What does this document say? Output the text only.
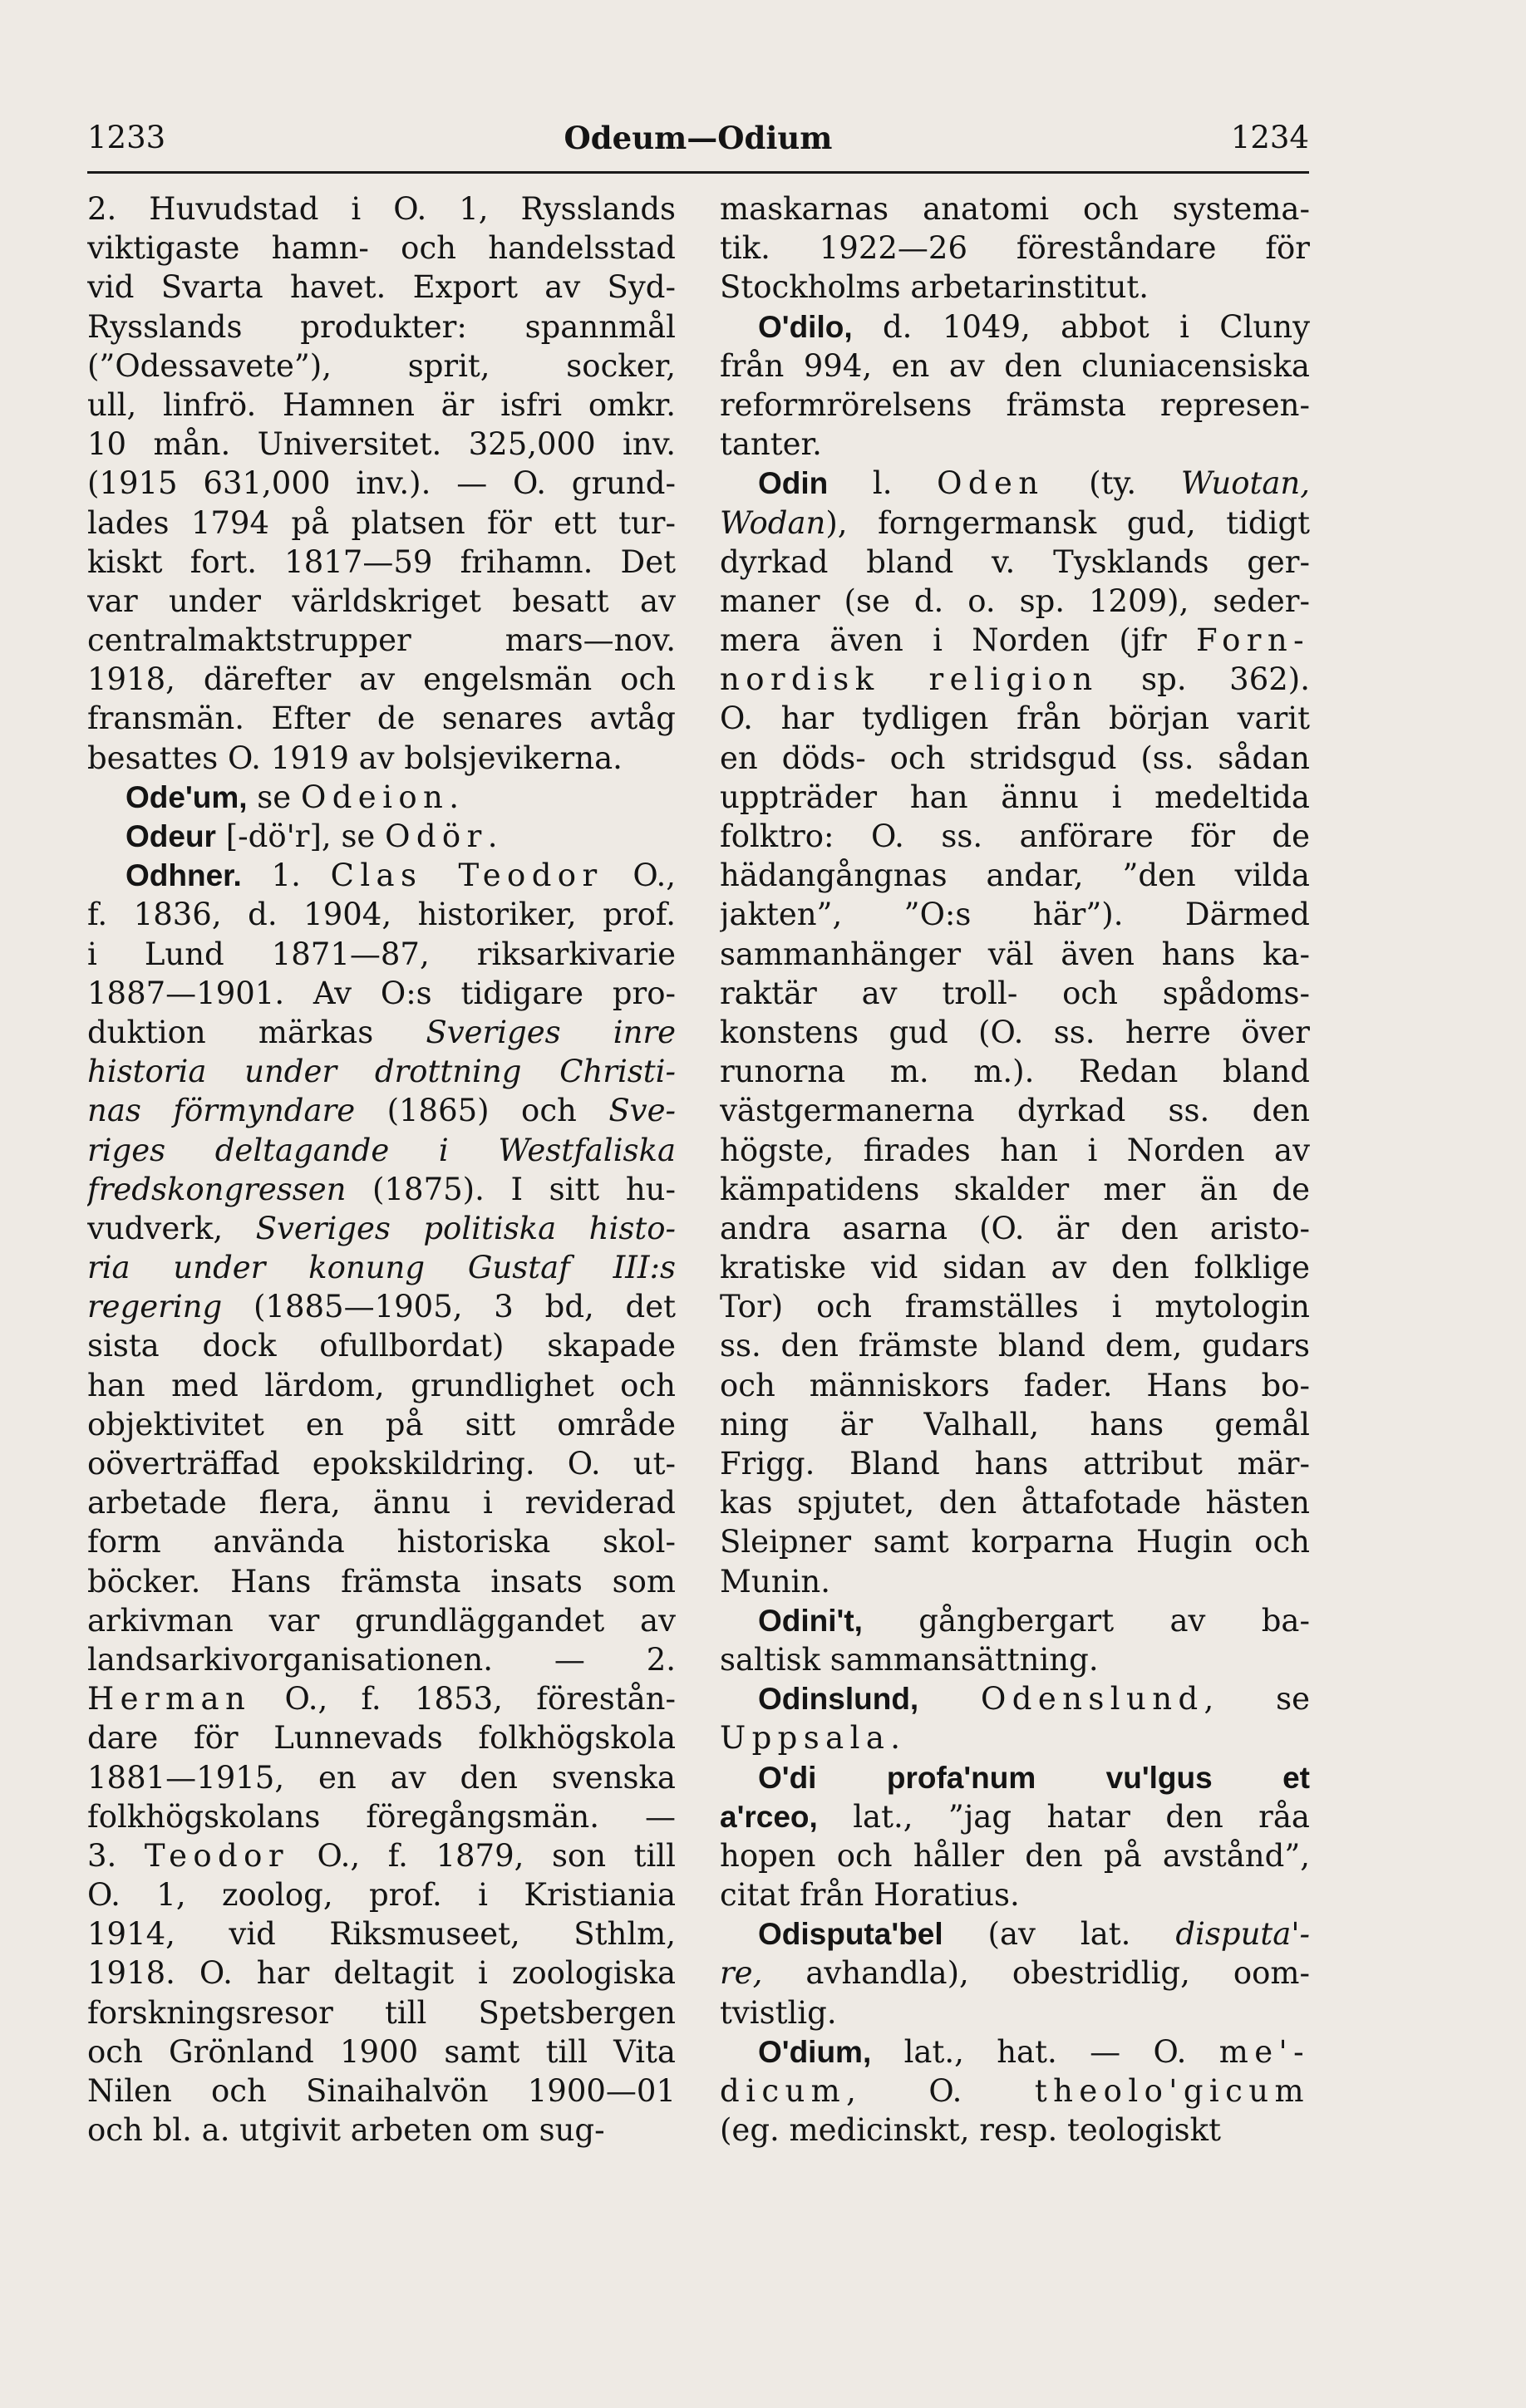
1233	Odeum—Odium	1234
2. Huvudstad i O. 1, Rysslands
viktigaste hamn- och handelsstad
vid Svarta havet. Export av Syd-
Rysslands produkter: spannmål
(”Odessavete”), sprit, socker,
ull, linfrö. Hamnen är isfri omkr.
10 mån. Universitet. 325,000 inv.
(1915 631,000 inv.). — O. grund-
lades 1794 på platsen för ett tur-
kiskt fort. 1817—59 frihamn. Det
var under världskriget besatt av
centralmaktstrupper mars—nov.
1918, därefter av engelsmän och
fransmän. Efter de senares avtåg
besattes O. 1919 av bolsjevikerna.
Ode'um, se Odeion.
Odeur [-dö'r], se Odör.
Odhner. 1. Clas Teodor O.,
f. 1836, d. 1904, historiker, prof.
i Lund 1871—87, riksarkivarie
1887—1901. Av O:s tidigare pro-
duktion märkas Sveriges inre
historia under drottning Christi-
nas förmyndare (1865) och Sve-
riges deltagande i Westfaliska
fredskongressen (1875). I sitt hu-
vudverk, Sveriges politiska histo-
ria under konung Gustaf III:s
regering (1885—1905, 3 bd, det
sista dock ofullbordat) skapade
han med lärdom, grundlighet och
objektivitet en på sitt område
oöverträffad epokskildring. O. ut-
arbetade flera, ännu i reviderad
form använda historiska skol-
böcker. Hans främsta insats som
arkivman var grundläggandet av
landsarkivorganisationen. — 2.
Herman O., f. 1853, förestån-
dare för Lunnevads folkhögskola
1881—1915, en av den svenska
folkhögskolans föregångsmän. —
3. Teodor O., f. 1879, son till
O. 1, zoolog, prof. i Kristiania
1914, vid Riksmuseet, Sthlm,
1918. O. har deltagit i zoologiska
forskningsresor till Spetsbergen
och Grönland 1900 samt till Vita
Nilen och Sinaihalvön 1900—01
och bl. a. utgivit arbeten om sug-
maskarnas anatomi och systema-
tik. 1922—26 föreståndare för
Stockholms arbetarinstitut.
O'dilo, d. 1049, abbot i Cluny
från 994, en av den cluniacensiska
reformrörelsens främsta represen-
tanter.
Odin l. Oden (ty. Wuotan,
Wodan), forngermansk gud, tidigt
dyrkad bland v. Tysklands ger-
maner (se d. o. sp. 1209), seder-
mera även i Norden (jfr Forn-
nordisk religion sp. 362).
O. har tydligen från början varit
en döds- och stridsgud (ss. sådan
uppträder han ännu i medeltida
folktro: O. ss. anförare för de
hädangångnas andar, ”den vilda
jakten”, ”O:s här”). Därmed
sammanhänger väl även hans ka-
raktär av troll- och spådoms-
konstens gud (O. ss. herre över
runorna m. m.). Redan bland
västgermanerna dyrkad ss. den
högste, firades han i Norden av
kämpatidens skalder mer än de
andra asarna (O. är den aristo-
kratiske vid sidan av den folklige
Tor) och framställes i mytologin
ss. den främste bland dem, gudars
och människors fader. Hans bo-
ning är Valhall, hans gemål
Frigg. Bland hans attribut mär-
kas spjutet, den åttafotade hästen
Sleipner samt korparna Hugin och
Munin.
Odini't, gångbergart av ba-
saltisk sammansättning.
Odinslund, Odenslund, se
Uppsala.
O'di profa'num vu'lgus et
a'rceo, lat., ”jag hatar den råa
hopen och håller den på avstånd”,
citat från Horatius.
Odisputa'bel (av lat. disputa'-
re, avhandla), obestridlig, oom-
tvistlig.
O'dium, lat., hat. — O. me'-
dicum, O. theolo'gicum
(eg. medicinskt, resp. teologiskt
